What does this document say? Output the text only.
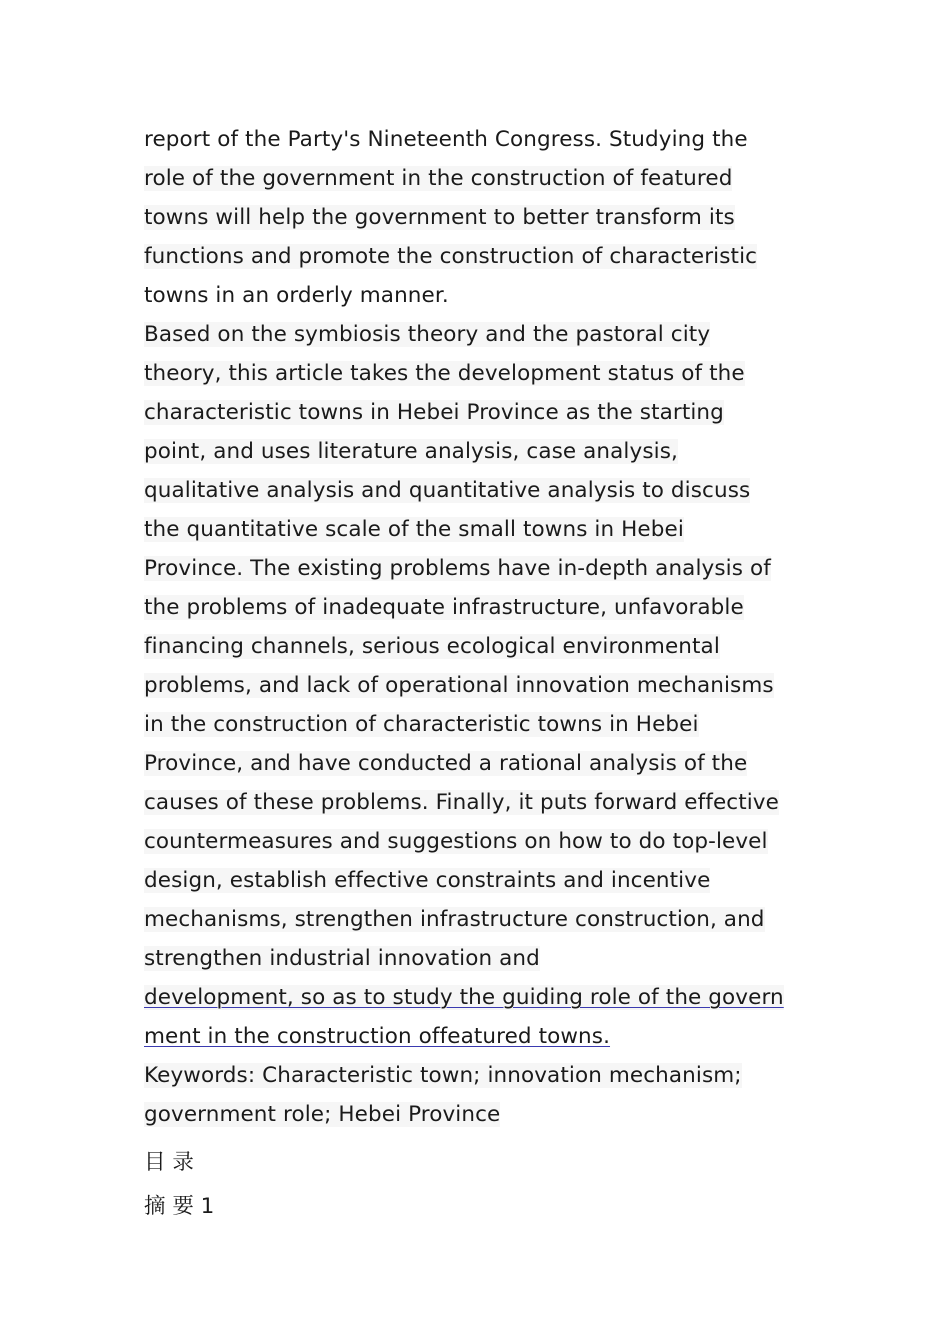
report of the Party's Nineteenth Congress. Studying the
role of the government in the construction of featured
towns will help the government to better transform its
functions and promote the construction of characteristic
towns in an orderly manner.
Based on the symbiosis theory and the pastoral city
theory, this article takes the development status of the
characteristic towns in Hebei Province as the starting
point, and uses literature analysis, case analysis,
qualitative analysis and quantitative analysis to discuss
the quantitative scale of the small towns in Hebei
Province. The existing problems have in-depth analysis of
the problems of inadequate infrastructure, unfavorable
financing channels, serious ecological environmental
problems, and lack of operational innovation mechanisms
in the construction of characteristic towns in Hebei
Province, and have conducted a rational analysis of the
causes of these problems. Finally, it puts forward effective
countermeasures and suggestions on how to do top-level
design, establish effective constraints and incentive
mechanisms, strengthen infrastructure construction, and
strengthen industrial innovation and
development, so as to study the guiding role of the govern
ment in the construction offeatured towns.
Keywords: Characteristic town; innovation mechanism;
government role; Hebei Province
目 录
摘 要 1
